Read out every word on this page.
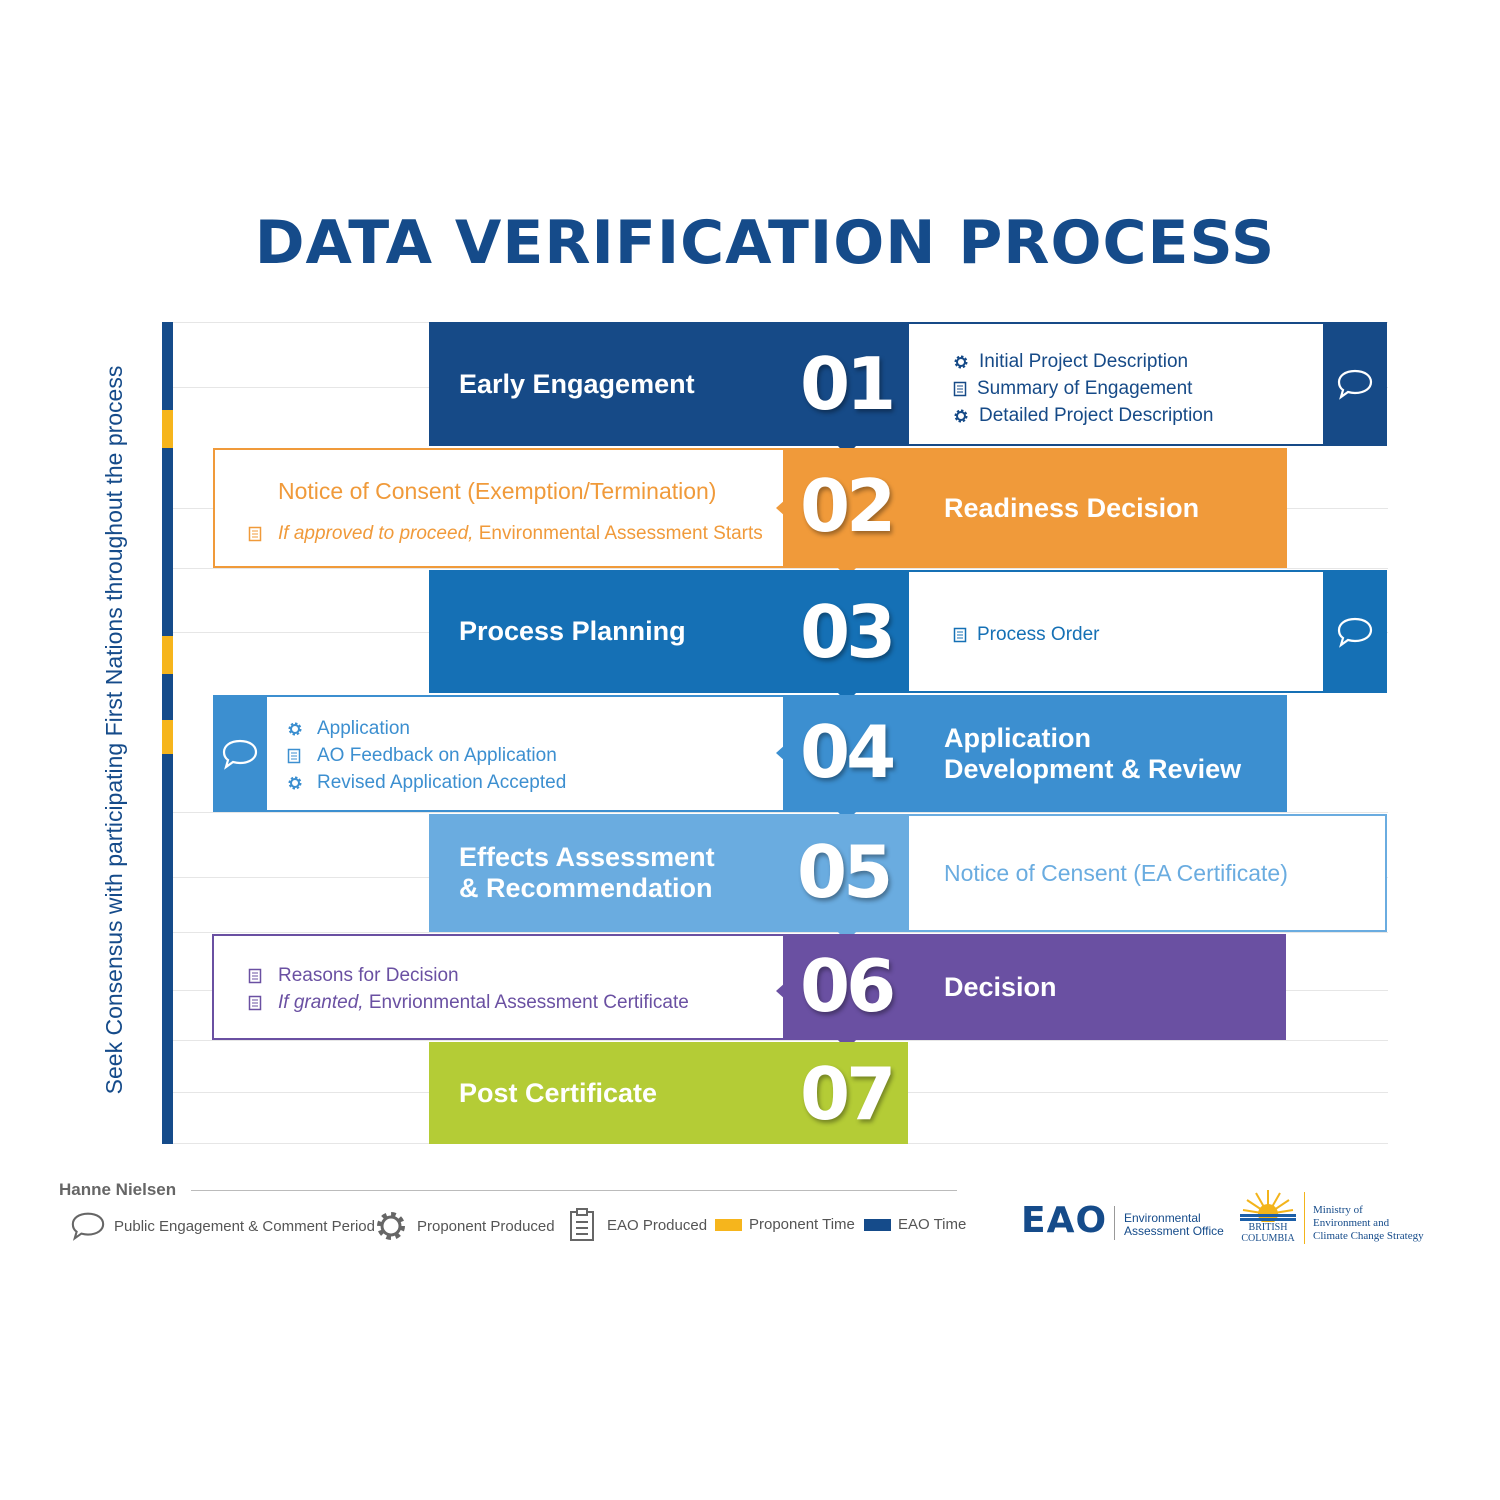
DATA VERIFICATION PROCESS
Seek Consensus with participating First Nations throughout the process	Early Engagement 01	Initial Project Description
Summary of Engagement
Detailed Project Description
Notice of Consent (Exemption/Termination)
If approved to proceed,
Environmental Assessment Starts
Readiness Decision
02
Process Planning 03	Process Order
Application
AO Feedback on Application
Revised Application Accepted
Application
Development & Review
04
Effects Assessment
& Recommendation 05 Notice of Censent (EA Certificate)
Reasons for Decision
If granted,
Envrionmental Assessment Certificate
Decision
06
Post Certificate 07
Hanne Nielsen
Public Engagement & Comment Period	Proponent Produced	EAO Produced	Proponent Time	EAO Time EAO Environmental
Assessment Office	BRITISH
COLUMBIA
Ministry of
Environment and
Climate Change Strategy
